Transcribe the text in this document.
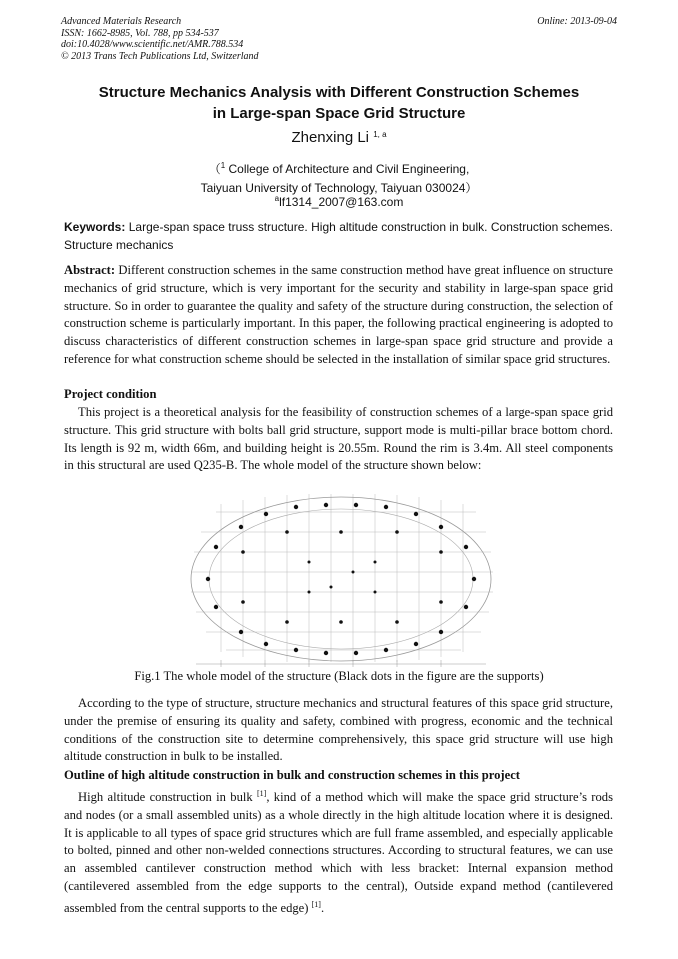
Advanced Materials Research
ISSN: 1662-8985, Vol. 788, pp 534-537
doi:10.4028/www.scientific.net/AMR.788.534
© 2013 Trans Tech Publications Ltd, Switzerland
Online: 2013-09-04
Structure Mechanics Analysis with Different Construction Schemes
in Large-span Space Grid Structure
Zhenxing Li $^{1, a}$
（$^1$ College of Architecture and Civil Engineering,
Taiyuan University of Technology, Taiyuan 030024）
$^a$lf1314_2007@163.com
Keywords: Large-span space truss structure. High altitude construction in bulk. Construction schemes. Structure mechanics
Abstract: Different construction schemes in the same construction method have great influence on structure mechanics of grid structure, which is very important for the security and stability in large-span space grid structure. So in order to guarantee the quality and safety of the structure during construction, the selection of construction scheme is particularly important. In this paper, the following practical engineering is adopted to discuss characteristics of different construction schemes in large-span space grid structure and provide a reference for what construction scheme should be selected in the installation of similar space grid structures.
Project condition
This project is a theoretical analysis for the feasibility of construction schemes of a large-span space grid structure. This grid structure with bolts ball grid structure, support mode is multi-pillar brace bottom chord. Its length is 92 m, width 66m, and building height is 20.55m. Round the rim is 3.4m. All steel components in this structural are used Q235-B. The whole model of the structure shown below:
Fig.1 The whole model of the structure (Black dots in the figure are the supports)
According to the type of structure, structure mechanics and structural features of this space grid structure, under the premise of ensuring its quality and safety, combined with progress, economic and the technical conditions of the construction site to determine comprehensively, this space grid structure will use high altitude construction in bulk to be installed.
Outline of high altitude construction in bulk and construction schemes in this project
High altitude construction in bulk [1], kind of a method which will make the space grid structure’s rods and nodes (or a small assembled units) as a whole directly in the high altitude location where it is designed. It is applicable to all types of space grid structures which are full frame assembled, and especially applicable to bolted, pinned and other non-welded connections structures. According to structural features, we can use an assembled cantilever construction method which with less bracket: Internal expansion method (cantilevered assembled from the edge supports to the central), Outside expand method (cantilevered assembled from the central supports to the edge) [1].
